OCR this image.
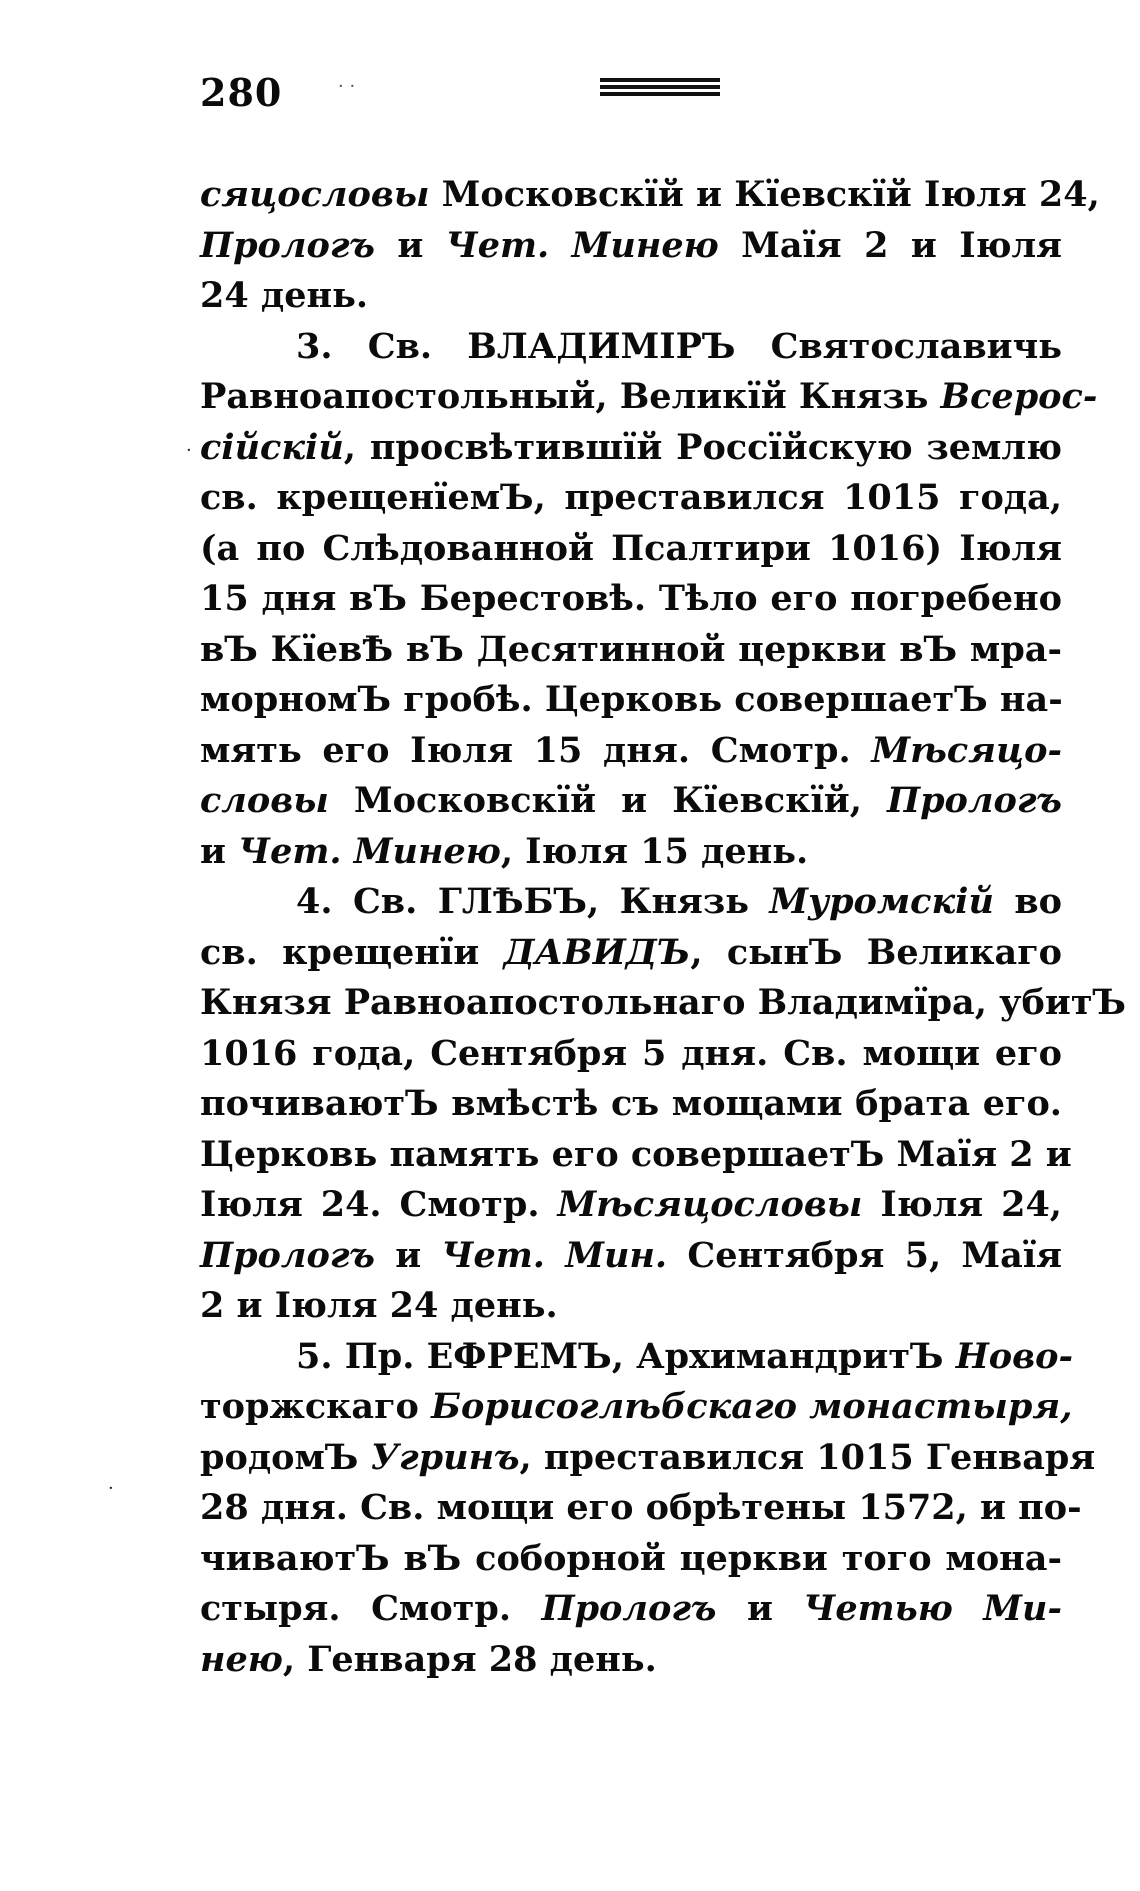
280	· ·
сяцословы Московскїй и Кїевскїй Іюля 24,
Прологъ и Чет. Минею Маїя 2 и Іюля
24 день.
3. Св. ВЛАДИМІРЪ Святославичь
Равноапостольный, Великїй Князь Всерос-
сійскій, просвѣтившїй Россїйскую землю
св. крещенїемЪ, преставился 1015 года,
(а по Слѣдованной Псалтири 1016) Іюля
15 дня вЪ Берестовѣ. Тѣло его погребено
вЪ КїевѢ вЪ Десятинной церкви вЪ мра-
морномЪ гробѣ. Церковь совершаетЪ на-
мять его Іюля 15 дня. Смотр. Мѣсяцо-
словы Московскїй и Кїевскїй, Прологъ
и Чет. Минею, Іюля 15 день.
4. Св. ГЛѢБЪ, Князь Муромскій во
св. крещенїи ДАВИДЪ, сынЪ Великаго
Князя Равноапостольнаго Владимїра, убитЪ
1016 года, Сентября 5 дня. Св. мощи его
почиваютЪ вмѣстѣ съ мощами брата его.
Церковь память его совершаетЪ Маїя 2 и
Іюля 24. Смотр. Мѣсяцословы Іюля 24,
Прологъ и Чет. Мин. Сентября 5, Маїя
2 и Іюля 24 день.
5. Пр. ЕФРЕМЪ, АрхимандритЪ Ново-
торжскаго Борисоглѣбскаго монастыря,
родомЪ Угринъ, преставился 1015 Генваря
28 дня. Св. мощи его обрѣтены 1572, и по-
чиваютЪ вЪ соборной церкви того мона-
стыря. Смотр. Прологъ и Четью Ми-
нею, Генваря 28 день.
·
·
